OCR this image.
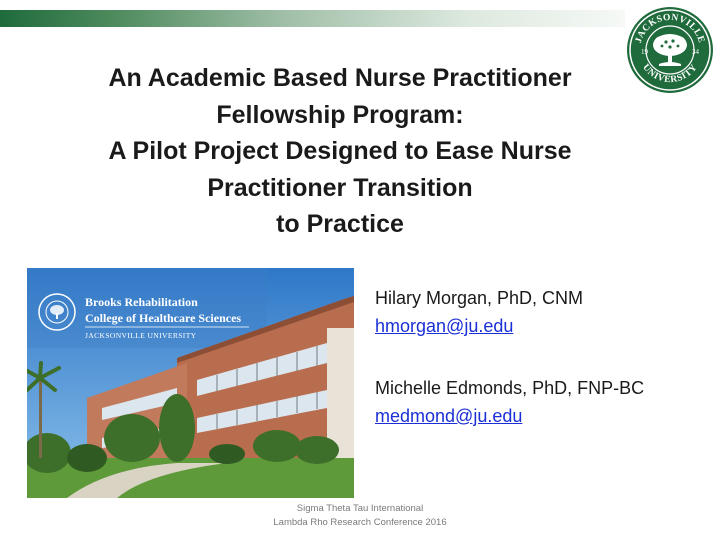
JACKSONVILLE
UNIVERSITY
19	34
An Academic Based Nurse Practitioner
Fellowship Program:
A Pilot Project Designed to Ease Nurse
Practitioner Transition
to Practice
Brooks Rehabilitation
College of Healthcare Sciences
JACKSONVILLE UNIVERSITY
Hilary Morgan, PhD, CNM
hmorgan@ju.edu
Michelle Edmonds, PhD, FNP-BC
medmond@ju.edu
Sigma Theta Tau International
Lambda Rho Research Conference 2016
